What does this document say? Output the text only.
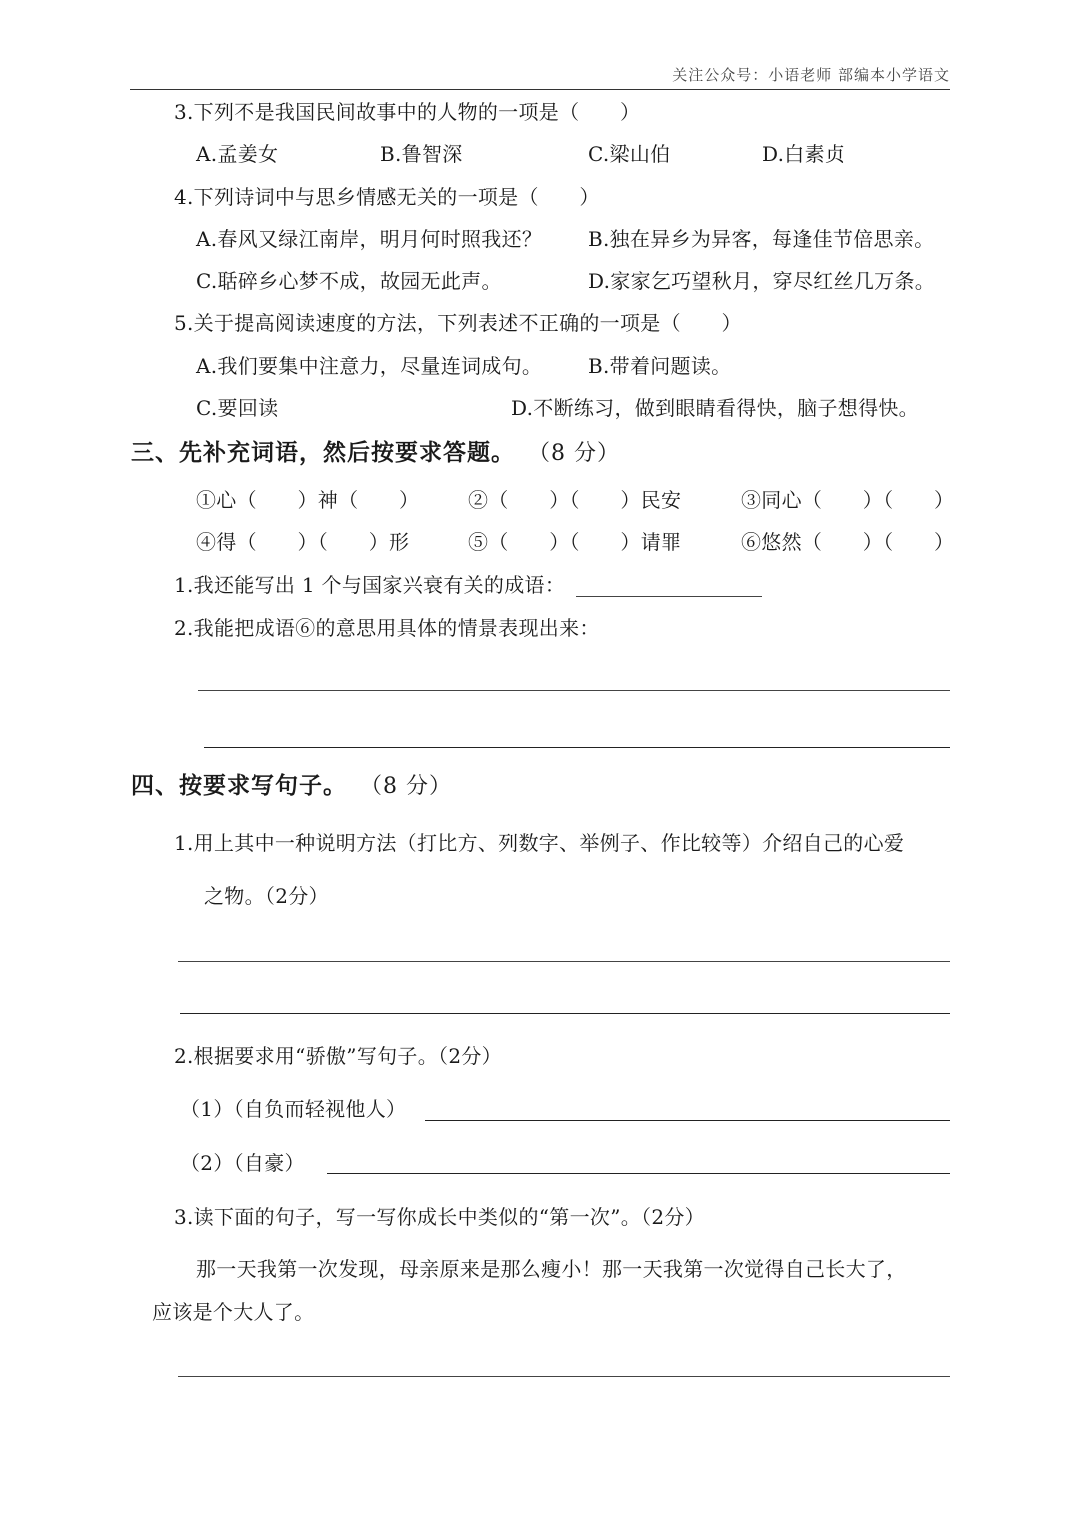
关注公众号：小语老师 部编本小学语文
3.下列不是我国民间故事中的人物的一项是（　　）
A.孟姜女	B.鲁智深	C.梁山伯	D.白素贞
4.下列诗词中与思乡情感无关的一项是（　　）
A.春风又绿江南岸，明月何时照我还？ B.独在异乡为异客，每逢佳节倍思亲。
C.聒碎乡心梦不成，故园无此声。	D.家家乞巧望秋月，穿尽红丝几万条。
5.关于提高阅读速度的方法，下列表述不正确的一项是（　　）
A.我们要集中注意力，尽量连词成句。 B.带着问题读。
C.要回读	D.不断练习，做到眼睛看得快，脑子想得快。
三、先补充词语，然后按要求答题。 （8 分）
①心（　　）神（　　） ②（　　）（　　）民安	③同心（　　）（　　）
④得（　　）（　　）形	⑤（　　）（　　）请罪	⑥悠然（　　）（　　）
1.我还能写出 1 个与国家兴衰有关的成语：
2.我能把成语⑥的意思用具体的情景表现出来：
四、按要求写句子。 （8 分）
1.用上其中一种说明方法（打比方、列数字、举例子、作比较等）介绍自己的心爱
之物。（2分）
2.根据要求用“骄傲”写句子。（2分）
（1）（自负而轻视他人）
（2）（自豪）
3.读下面的句子，写一写你成长中类似的“第一次”。（2分）
那一天我第一次发现，母亲原来是那么瘦小！那一天我第一次觉得自己长大了，
应该是个大人了。
